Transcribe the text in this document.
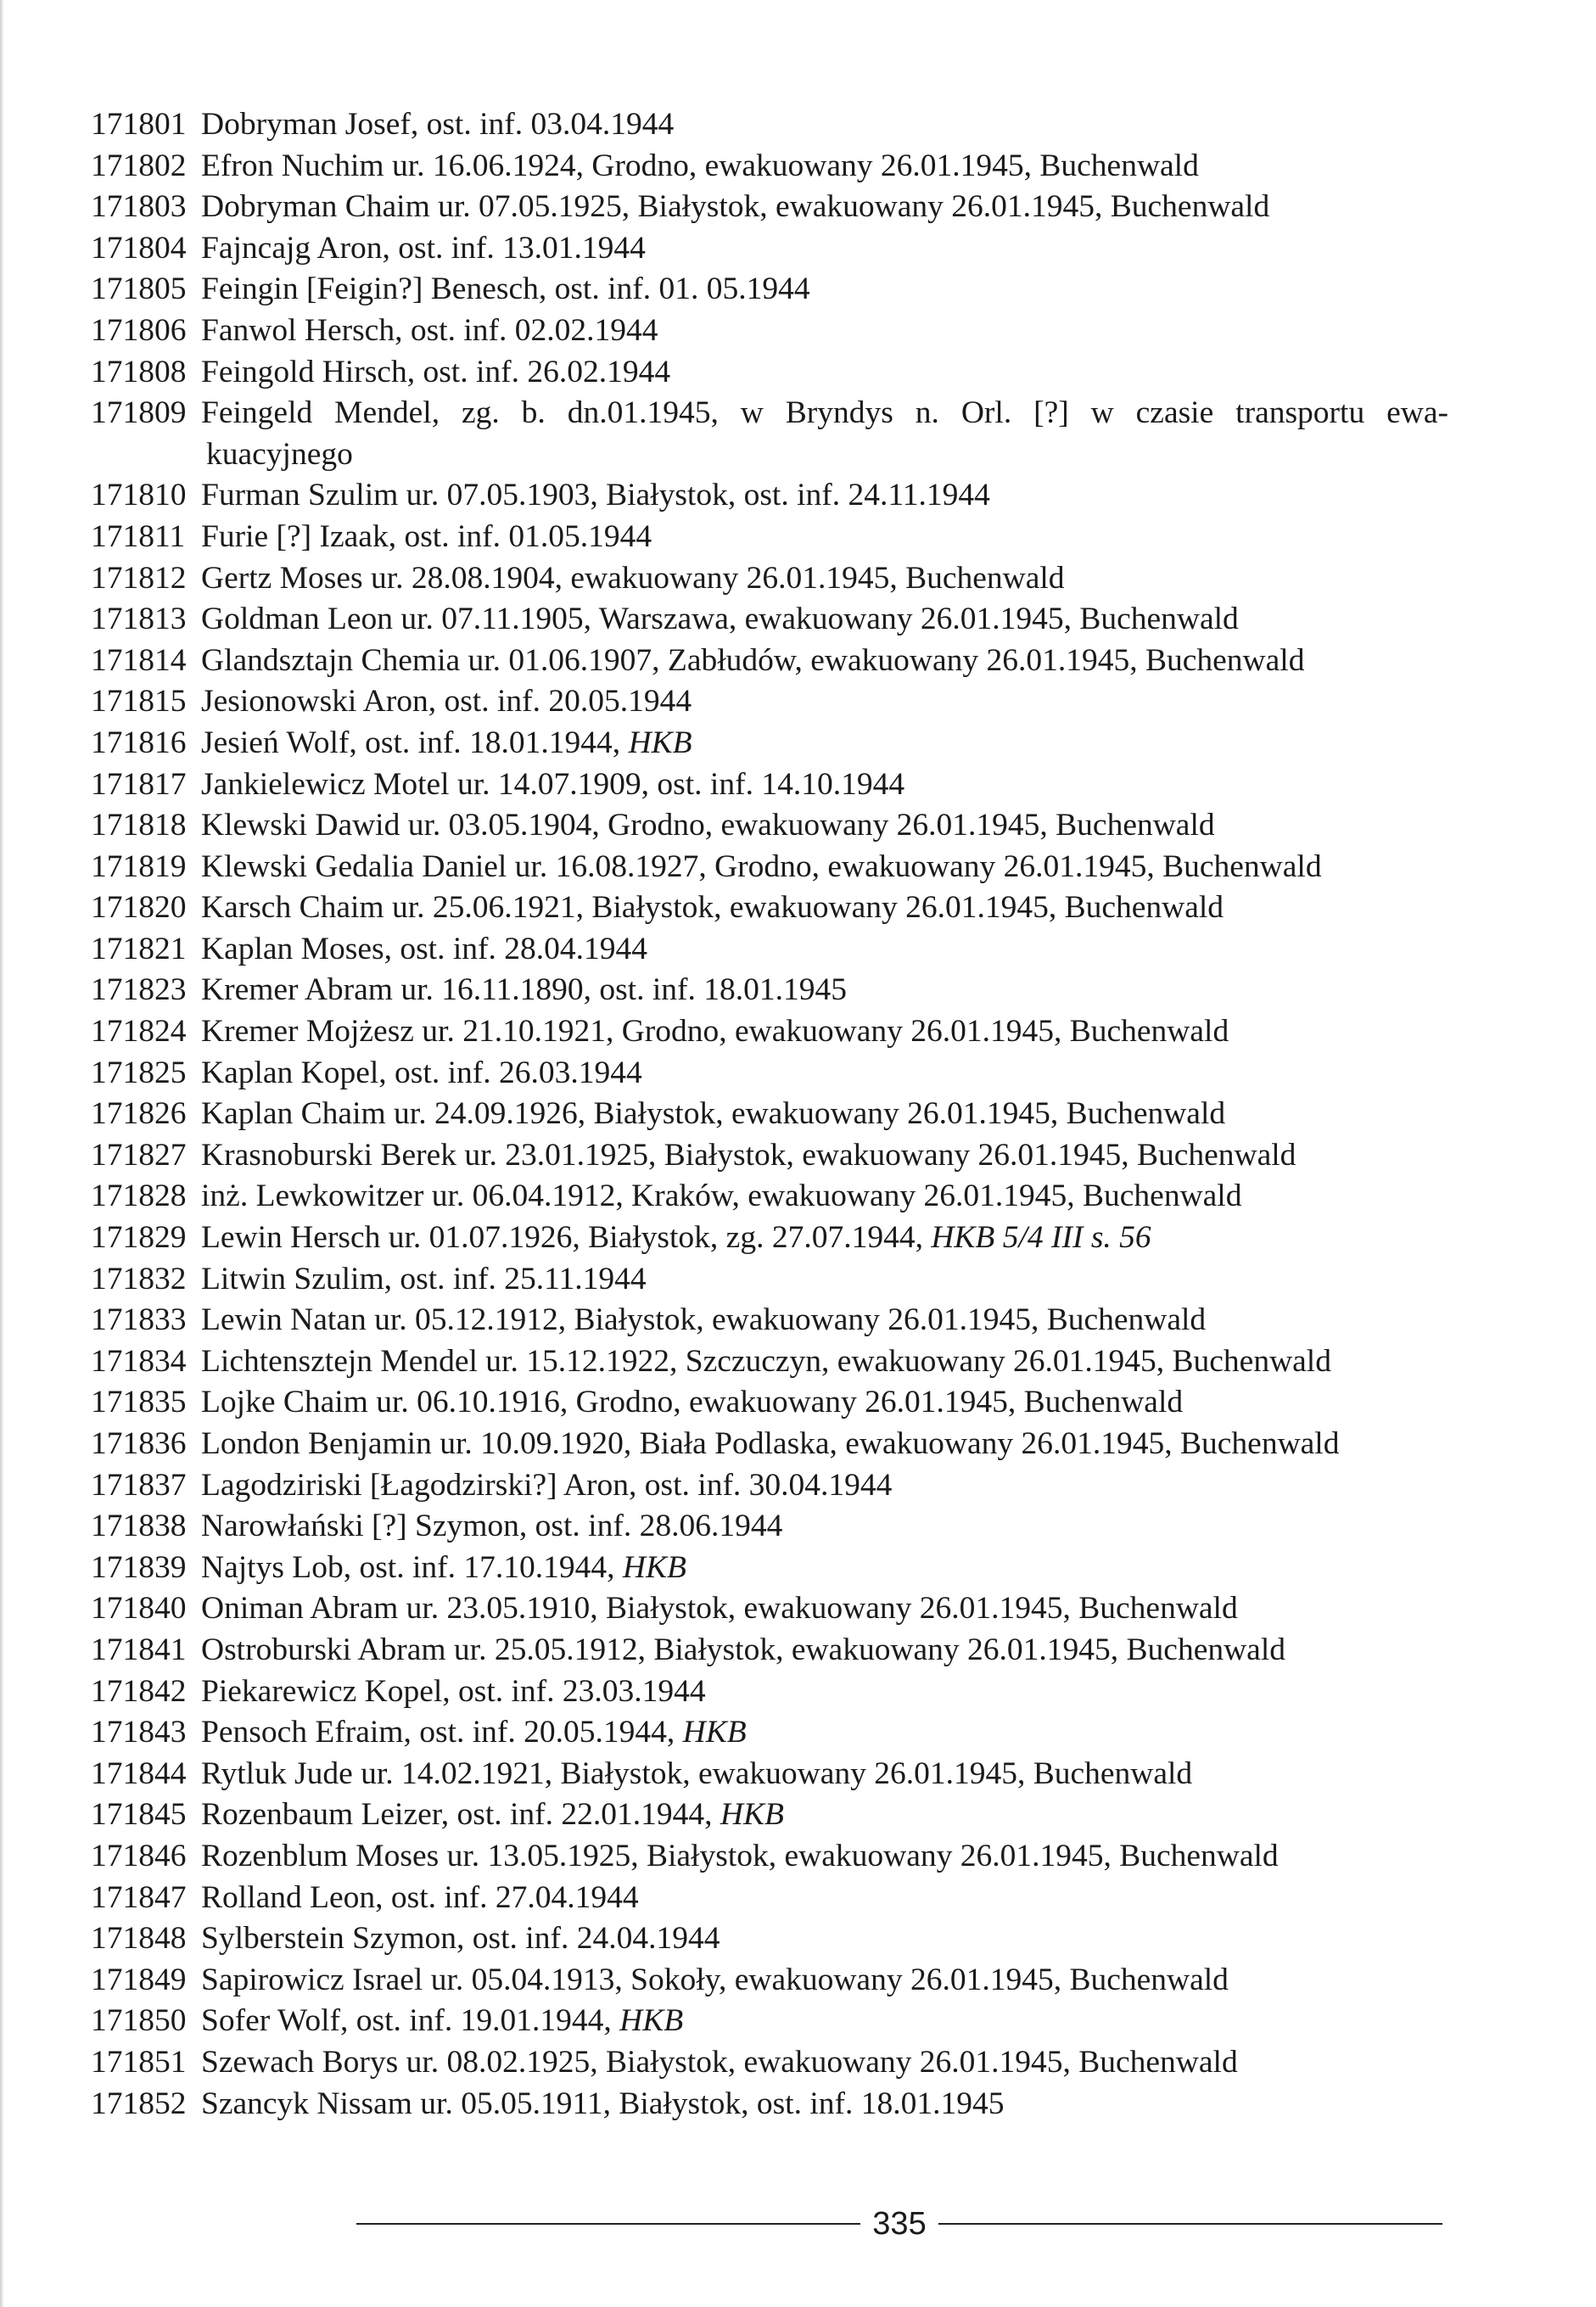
171801 Dobryman Josef, ost. inf. 03.04.1944
171802 Efron Nuchim ur. 16.06.1924, Grodno, ewakuowany 26.01.1945, Buchenwald
171803 Dobryman Chaim ur. 07.05.1925, Białystok, ewakuowany 26.01.1945, Buchenwald
171804 Fajncajg Aron, ost. inf. 13.01.1944
171805 Feingin [Feigin?] Benesch, ost. inf. 01. 05.1944
171806 Fanwol Hersch, ost. inf. 02.02.1944
171808 Feingold Hirsch, ost. inf. 26.02.1944
171809 Feingeld Mendel, zg. b. dn.01.1945, w Bryndys n. Orl. [?] w czasie transportu ewa-
kuacyjnego
171810 Furman Szulim ur. 07.05.1903, Białystok, ost. inf. 24.11.1944
171811 Furie [?] Izaak, ost. inf. 01.05.1944
171812 Gertz Moses ur. 28.08.1904, ewakuowany 26.01.1945, Buchenwald
171813 Goldman Leon ur. 07.11.1905, Warszawa, ewakuowany 26.01.1945, Buchenwald
171814 Glandsztajn Chemia ur. 01.06.1907, Zabłudów, ewakuowany 26.01.1945, Buchenwald
171815 Jesionowski Aron, ost. inf. 20.05.1944
171816 Jesień Wolf, ost. inf. 18.01.1944, HKB
171817 Jankielewicz Motel ur. 14.07.1909, ost. inf. 14.10.1944
171818 Klewski Dawid ur. 03.05.1904, Grodno, ewakuowany 26.01.1945, Buchenwald
171819 Klewski Gedalia Daniel ur. 16.08.1927, Grodno, ewakuowany 26.01.1945, Buchenwald
171820 Karsch Chaim ur. 25.06.1921, Białystok, ewakuowany 26.01.1945, Buchenwald
171821 Kaplan Moses, ost. inf. 28.04.1944
171823 Kremer Abram ur. 16.11.1890, ost. inf. 18.01.1945
171824 Kremer Mojżesz ur. 21.10.1921, Grodno, ewakuowany 26.01.1945, Buchenwald
171825 Kaplan Kopel, ost. inf. 26.03.1944
171826 Kaplan Chaim ur. 24.09.1926, Białystok, ewakuowany 26.01.1945, Buchenwald
171827 Krasnoburski Berek ur. 23.01.1925, Białystok, ewakuowany 26.01.1945, Buchenwald
171828 inż. Lewkowitzer ur. 06.04.1912, Kraków, ewakuowany 26.01.1945, Buchenwald
171829 Lewin Hersch ur. 01.07.1926, Białystok, zg. 27.07.1944, HKB 5/4 III s. 56
171832 Litwin Szulim, ost. inf. 25.11.1944
171833 Lewin Natan ur. 05.12.1912, Białystok, ewakuowany 26.01.1945, Buchenwald
171834 Lichtensztejn Mendel ur. 15.12.1922, Szczuczyn, ewakuowany 26.01.1945, Buchenwald
171835 Lojke Chaim ur. 06.10.1916, Grodno, ewakuowany 26.01.1945, Buchenwald
171836 London Benjamin ur. 10.09.1920, Biała Podlaska, ewakuowany 26.01.1945, Buchenwald
171837 Lagodziriski [Łagodzirski?] Aron, ost. inf. 30.04.1944
171838 Narowłański [?] Szymon, ost. inf. 28.06.1944
171839 Najtys Lob, ost. inf. 17.10.1944, HKB
171840 Oniman Abram ur. 23.05.1910, Białystok, ewakuowany 26.01.1945, Buchenwald
171841 Ostroburski Abram ur. 25.05.1912, Białystok, ewakuowany 26.01.1945, Buchenwald
171842 Piekarewicz Kopel, ost. inf. 23.03.1944
171843 Pensoch Efraim, ost. inf. 20.05.1944, HKB
171844 Rytluk Jude ur. 14.02.1921, Białystok, ewakuowany 26.01.1945, Buchenwald
171845 Rozenbaum Leizer, ost. inf. 22.01.1944, HKB
171846 Rozenblum Moses ur. 13.05.1925, Białystok, ewakuowany 26.01.1945, Buchenwald
171847 Rolland Leon, ost. inf. 27.04.1944
171848 Sylberstein Szymon, ost. inf. 24.04.1944
171849 Sapirowicz Israel ur. 05.04.1913, Sokoły, ewakuowany 26.01.1945, Buchenwald
171850 Sofer Wolf, ost. inf. 19.01.1944, HKB
171851 Szewach Borys ur. 08.02.1925, Białystok, ewakuowany 26.01.1945, Buchenwald
171852 Szancyk Nissam ur. 05.05.1911, Białystok, ost. inf. 18.01.1945
335
